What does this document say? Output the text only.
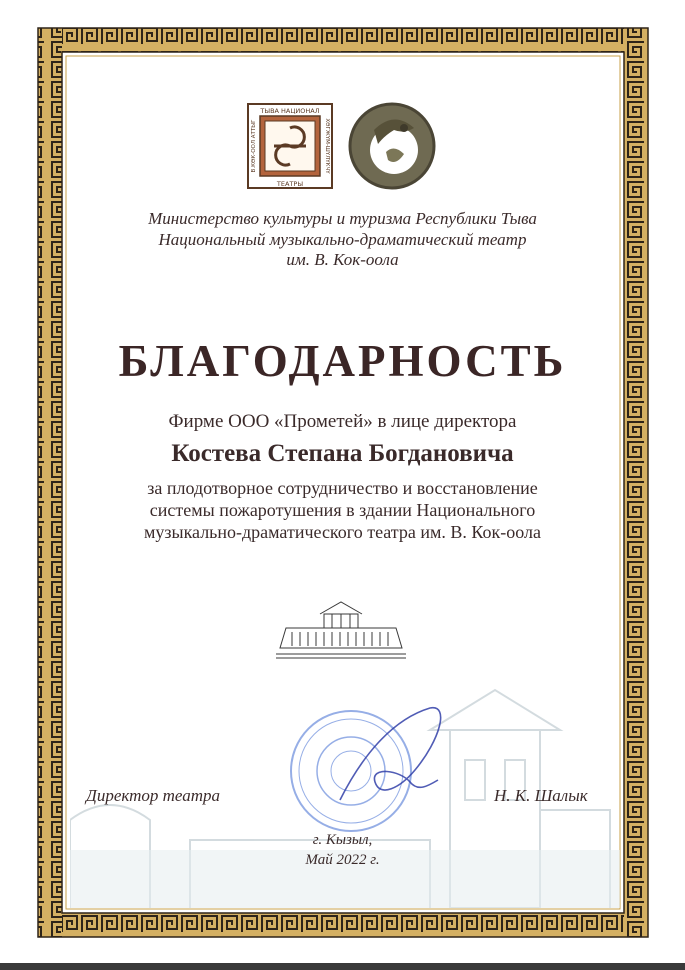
ТЫВА НАЦИОНАЛ
ТЕАТРЫ
В.КӨК-ООЛ АТТЫГ	ХӨГЖҮМ-ШҮЛҮКЧҮ
Министерство культуры и туризма Республики Тыва
Национальный музыкально-драматический театр
им. В. Кок-оола
БЛАГОДАРНОСТЬ
Фирме ООО «Прометей» в лице директора
Костева Степана Богдановича
за плодотворное сотрудничество и восстановление
системы пожаротушения в здании Национального
музыкально-драматического театра им. В. Кок-оола
Директор театра	Н. К. Шалык
г. Кызыл,
Май 2022 г.
